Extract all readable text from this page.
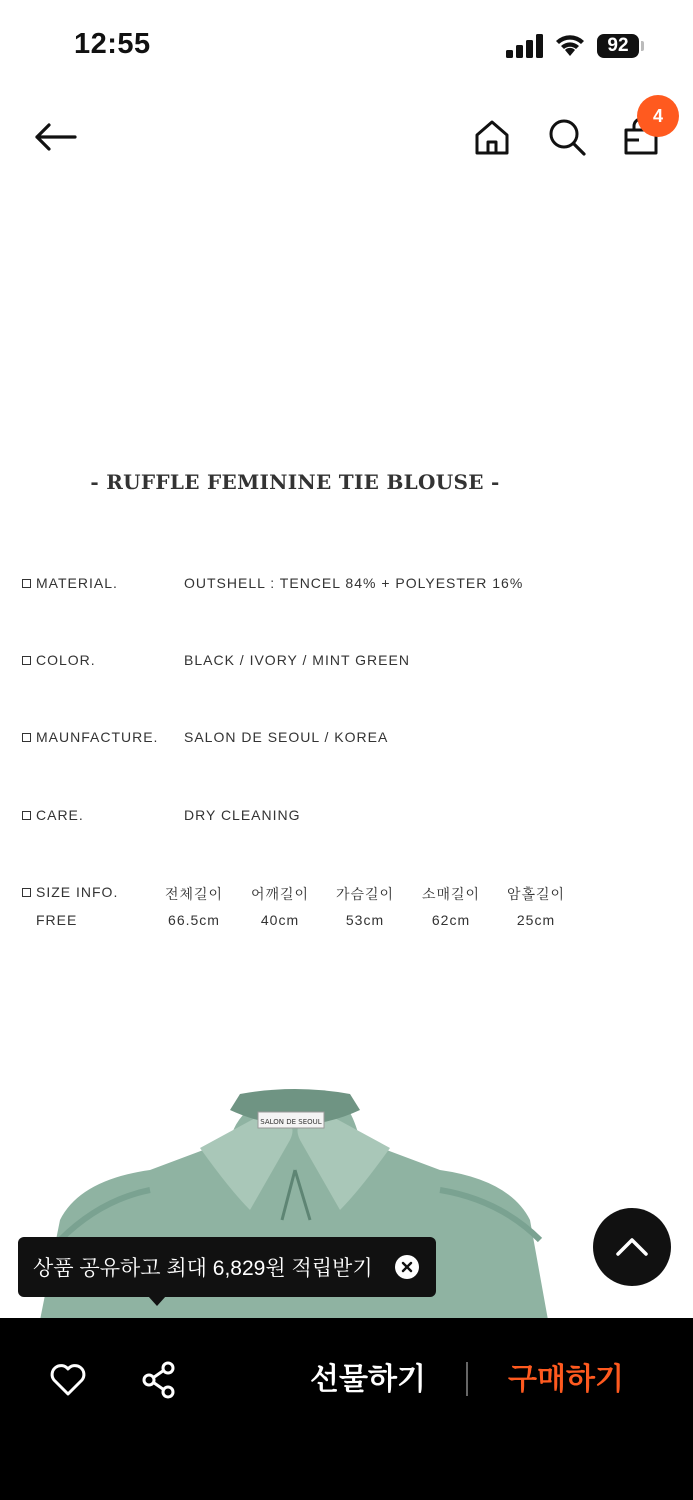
12:55	92
4
- RUFFLE FEMININE TIE BLOUSE -
MATERIAL.	OUTSHELL : TENCEL 84% + POLYESTER 16%
COLOR.	BLACK / IVORY / MINT GREEN
MAUNFACTURE. SALON DE SEOUL / KOREA
CARE.	DRY CLEANING
SIZE INFO.
FREE
전체길이	어깨길이	가슴길이	소매길이	암홀길이
66.5cm	40cm	53cm	62cm	25cm
SALON DE SEOUL
상품 공유하고 최대 6,829원 적립받기
선물하기	구매하기
